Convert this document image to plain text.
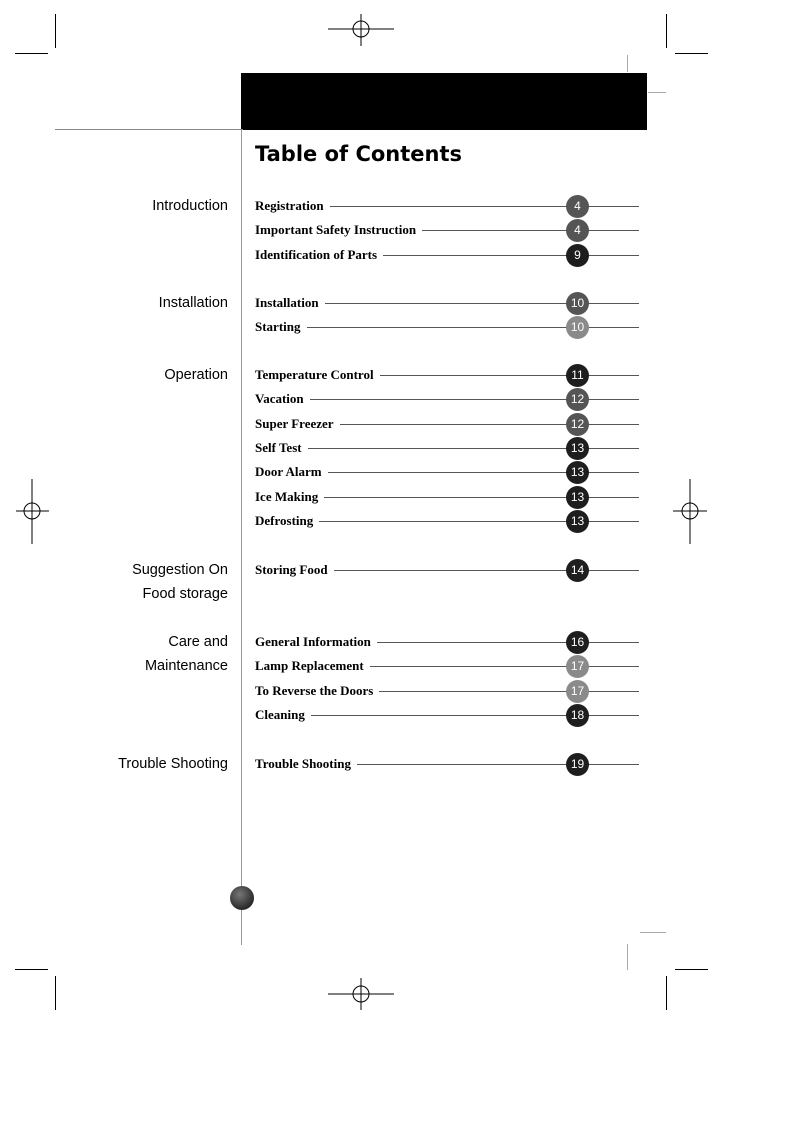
Table of Contents
Introduction Registration	4
Important Safety Instruction	4
Identification of Parts	9
Installation Installation	10
Starting	10
Operation Temperature Control	11
Vacation	12
Super Freezer	12
Self Test	13
Door Alarm	13
Ice Making	13
Defrosting	13
Suggestion On
Food storage
Storing Food	14
Care and
Maintenance
General Information	16
Lamp Replacement	17
To Reverse the Doors	17
Cleaning	18
Trouble Shooting Trouble Shooting	19
